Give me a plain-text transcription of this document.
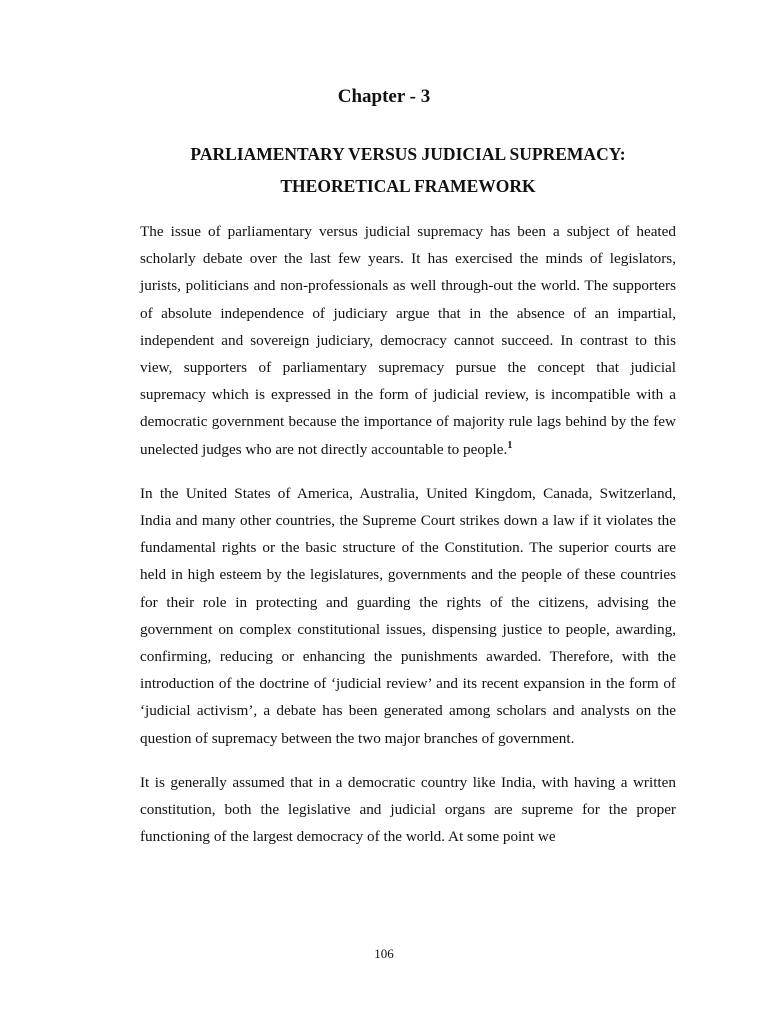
Chapter - 3
PARLIAMENTARY VERSUS JUDICIAL SUPREMACY:
THEORETICAL FRAMEWORK

The issue of parliamentary versus judicial supremacy has been a subject of heated scholarly debate over the last few years. It has exercised the minds of legislators, jurists, politicians and non-professionals as well through-out the world. The supporters of absolute independence of judiciary argue that in the absence of an impartial, independent and sovereign judiciary, democracy cannot succeed. In contrast to this view, supporters of parliamentary supremacy pursue the concept that judicial supremacy which is expressed in the form of judicial review, is incompatible with a democratic government because the importance of majority rule lags behind by the few unelected judges who are not directly accountable to people.$^1$

In the United States of America, Australia, United Kingdom, Canada, Switzerland, India and many other countries, the Supreme Court strikes down a law if it violates the fundamental rights or the basic structure of the Constitution. The superior courts are held in high esteem by the legislatures, governments and the people of these countries for their role in protecting and guarding the rights of the citizens, advising the government on complex constitutional issues, dispensing justice to people, awarding, confirming, reducing or enhancing the punishments awarded. Therefore, with the introduction of the doctrine of ‘judicial review’ and its recent expansion in the form of ‘judicial activism’, a debate has been generated among scholars and analysts on the question of supremacy between the two major branches of government.

It is generally assumed that in a democratic country like India, with having a written constitution, both the legislative and judicial organs are supreme for the proper functioning of the largest democracy of the world. At some point we

106
